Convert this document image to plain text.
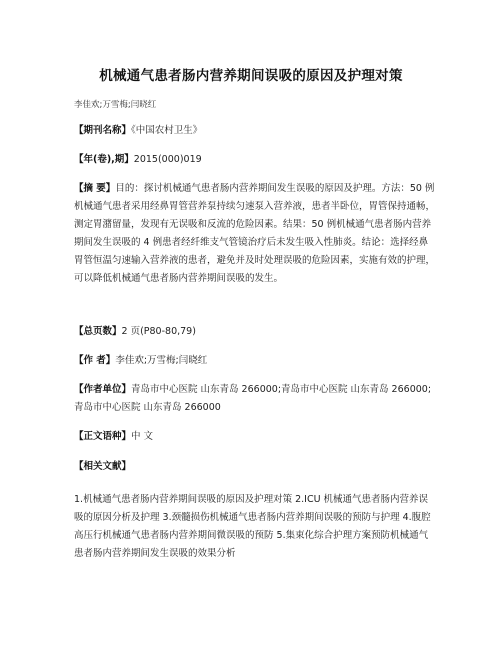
机械通气患者肠内营养期间误吸的原因及护理对策
李佳欢;万雪梅;闫晓红
【期刊名称】《中国农村卫生》
【年(卷),期】2015(000)019
【摘 要】目的：探讨机械通气患者肠内营养期间发生误吸的原因及护理。方法：50 例机械通气患者采用经鼻胃管营养泵持续匀速泵入营养液，患者半卧位，胃管保持通畅，测定胃潴留量，发现有无误吸和反流的危险因素。结果：50 例机械通气患者肠内营养期间发生误吸的 4 例患者经纤维支气管镜治疗后未发生吸入性肺炎。结论：选择经鼻胃管恒温匀速输入营养液的患者，避免并及时处理误吸的危险因素，实施有效的护理，可以降低机械通气患者肠内营养期间误吸的发生。
【总页数】2 页(P80-80,79)
【作 者】李佳欢;万雪梅;闫晓红
【作者单位】青岛市中心医院 山东青岛 266000;青岛市中心医院 山东青岛 266000;青岛市中心医院 山东青岛 266000
【正文语种】中 文
【相关文献】
1.机械通气患者肠内营养期间误吸的原因及护理对策 2.ICU 机械通气患者肠内营养误吸的原因分析及护理 3.颈髓损伤机械通气患者肠内营养期间误吸的预防与护理 4.腹腔高压行机械通气患者肠内营养期间微误吸的预防 5.集束化综合护理方案预防机械通气患者肠内营养期间发生误吸的效果分析
